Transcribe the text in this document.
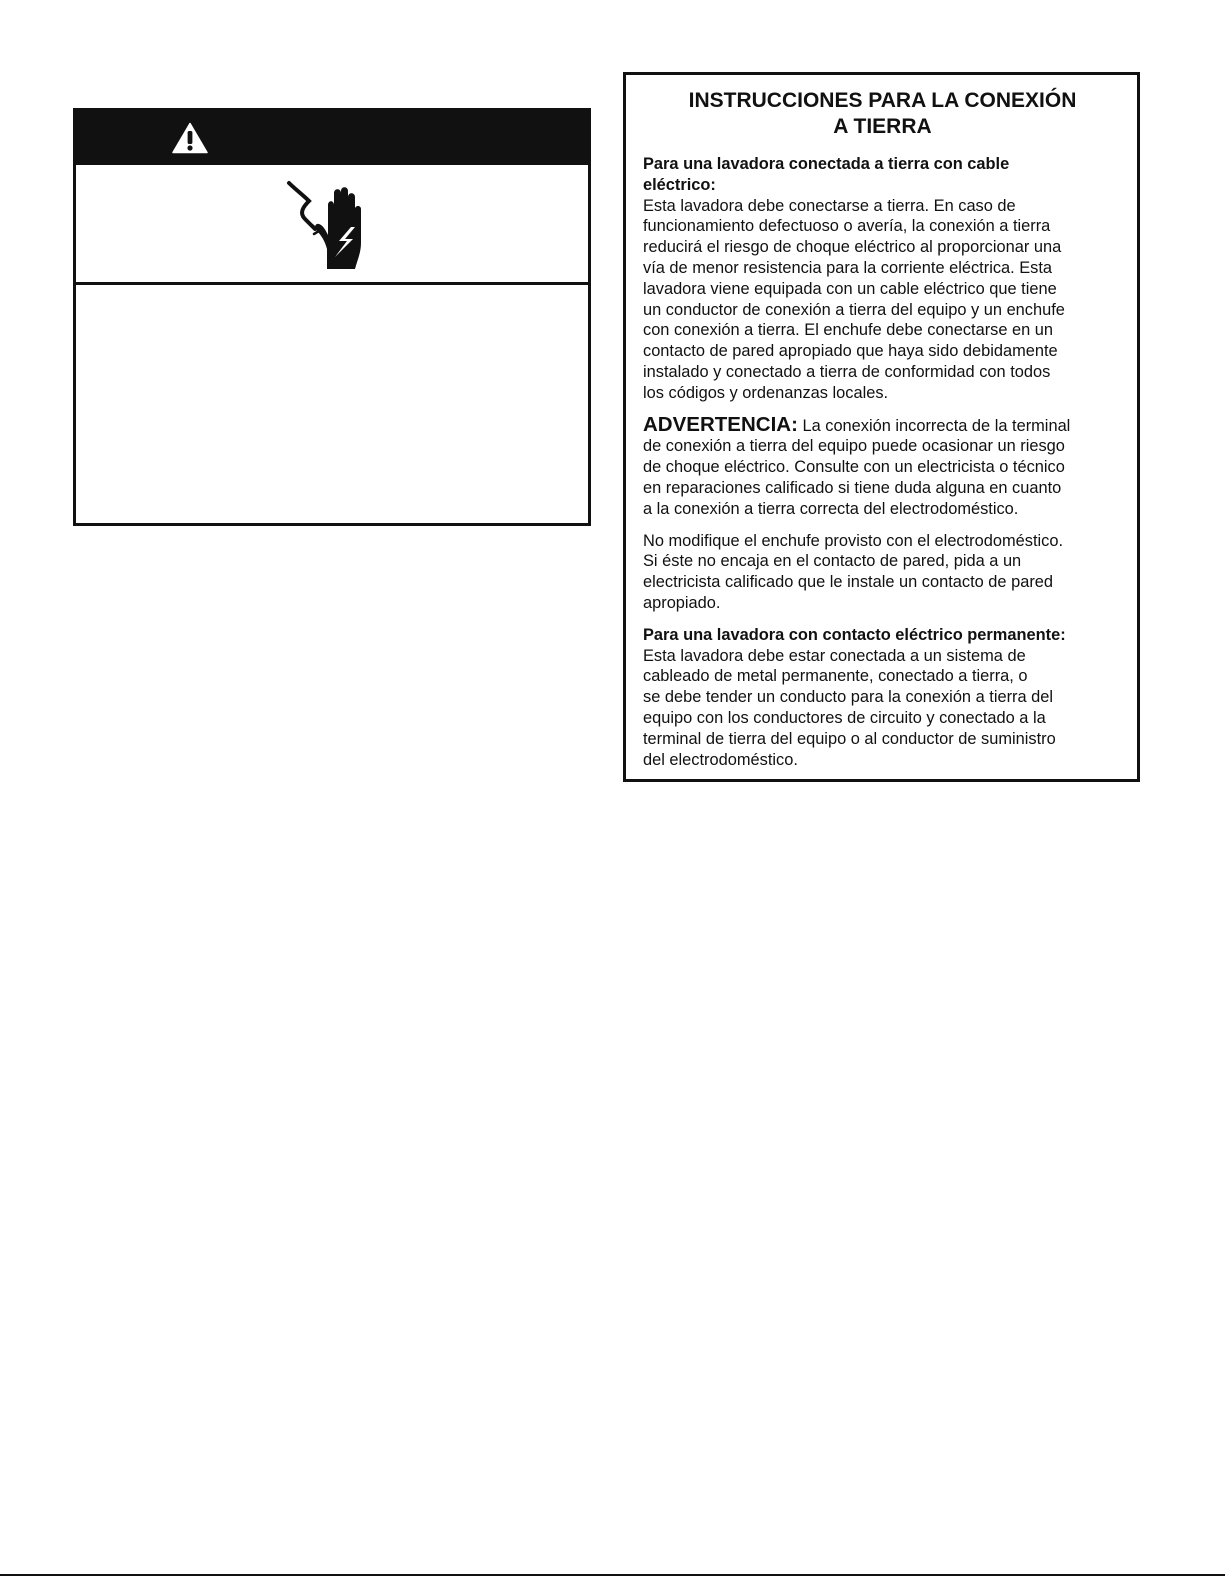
INSTRUCCIONES PARA LA CONEXIÓN
A TIERRA
Para una lavadora conectada a tierra con cable
eléctrico:
Esta lavadora debe conectarse a tierra. En caso de
funcionamiento defectuoso o avería, la conexión a tierra
reducirá el riesgo de choque eléctrico al proporcionar una
vía de menor resistencia para la corriente eléctrica. Esta
lavadora viene equipada con un cable eléctrico que tiene
un conductor de conexión a tierra del equipo y un enchufe
con conexión a tierra. El enchufe debe conectarse en un
contacto de pared apropiado que haya sido debidamente
instalado y conectado a tierra de conformidad con todos
los códigos y ordenanzas locales.
ADVERTENCIA: La conexión incorrecta de la terminal
de conexión a tierra del equipo puede ocasionar un riesgo
de choque eléctrico. Consulte con un electricista o técnico
en reparaciones calificado si tiene duda alguna en cuanto
a la conexión a tierra correcta del electrodoméstico.
No modifique el enchufe provisto con el electrodoméstico.
Si éste no encaja en el contacto de pared, pida a un
electricista calificado que le instale un contacto de pared
apropiado.
Para una lavadora con contacto eléctrico permanente:
Esta lavadora debe estar conectada a un sistema de
cableado de metal permanente, conectado a tierra, o
se debe tender un conducto para la conexión a tierra del
equipo con los conductores de circuito y conectado a la
terminal de tierra del equipo o al conductor de suministro
del electrodoméstico.
